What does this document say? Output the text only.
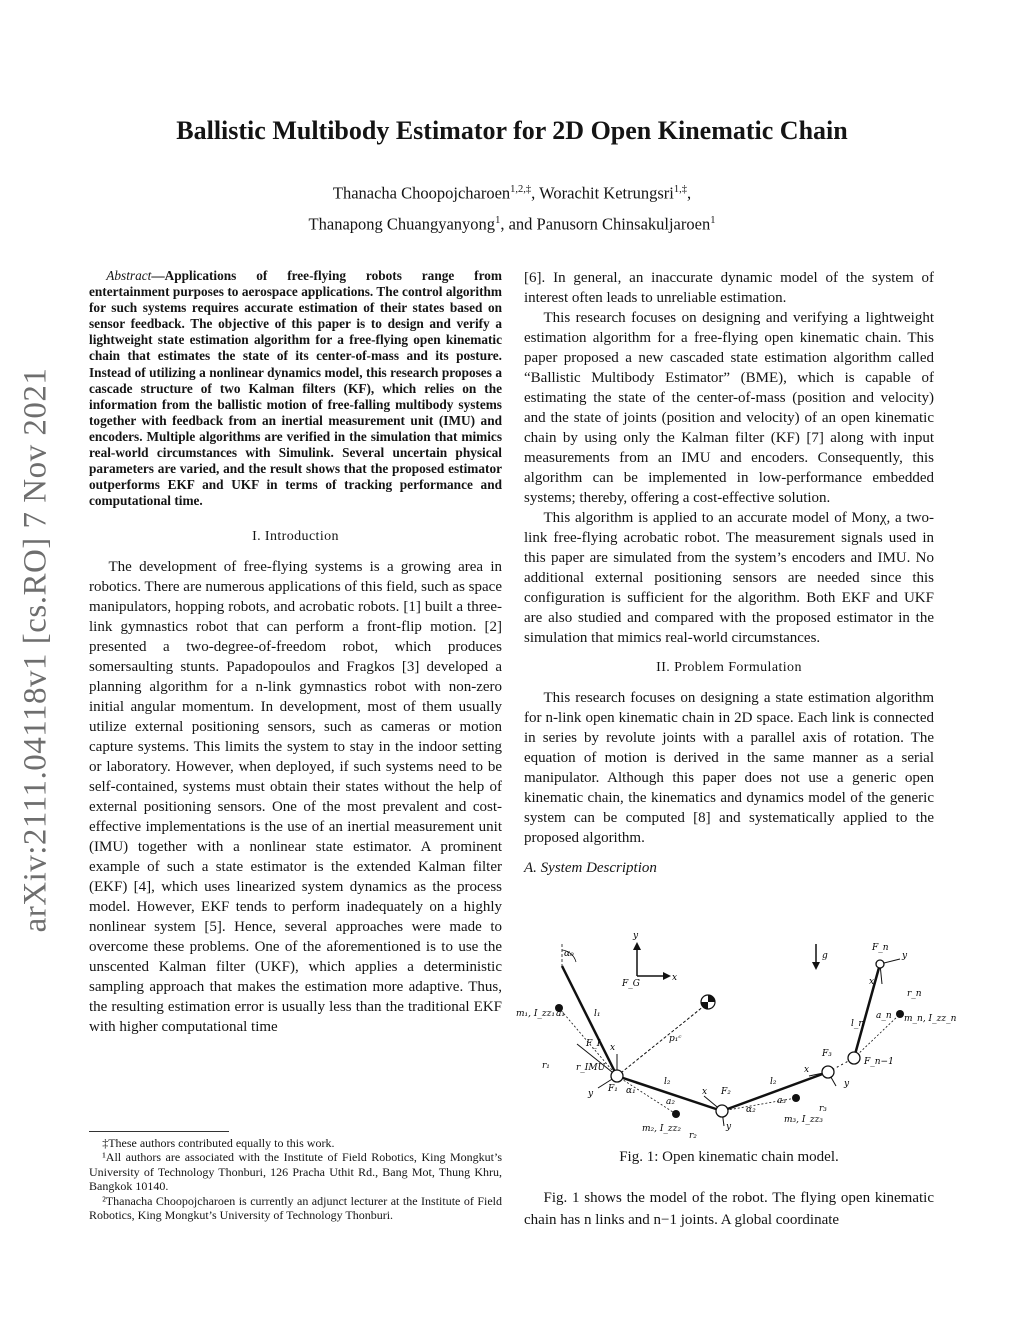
arXiv:2111.04118v1 [cs.RO] 7 Nov 2021
Ballistic Multibody Estimator for 2D Open Kinematic Chain
Thanacha Choopojcharoen$^{1,2,\ddagger}$, Worachit Ketrungsri$^{1,\ddagger}$,
Thanapong Chuangyanyong$^1$, and Panusorn Chinsakuljaroen$^1$

Abstract—Applications of free-flying robots range from entertainment purposes to aerospace applications. The control algorithm for such systems requires accurate estimation of their states based on sensor feedback. The objective of this paper is to design and verify a lightweight state estimation algorithm for a free-flying open kinematic chain that estimates the state of its center-of-mass and its posture. Instead of utilizing a nonlinear dynamics model, this research proposes a cascade structure of two Kalman filters (KF), which relies on the information from the ballistic motion of free-falling multibody systems together with feedback from an inertial measurement unit (IMU) and encoders. Multiple algorithms are verified in the simulation that mimics real-world circumstances with Simulink. Several uncertain physical parameters are varied, and the result shows that the proposed estimator outperforms EKF and UKF in terms of tracking performance and computational time.

I. Introduction

The development of free-flying systems is a growing area in robotics. There are numerous applications of this field, such as space manipulators, hopping robots, and acrobatic robots. [1] built a three-link gymnastics robot that can perform a front-flip motion. [2] presented a two-degree-of-freedom robot, which produces somersaulting stunts. Papadopoulos and Fragkos [3] developed a planning algorithm for a n-link gymnastics robot with non-zero initial angular momentum. In development, most of them usually utilize external positioning sensors, such as cameras or motion capture systems. This limits the system to stay in the indoor setting or laboratory. However, when deployed, if such systems need to be self-contained, systems must obtain their states without the help of external positioning sensors. One of the most prevalent and cost-effective implementations is the use of an inertial measurement unit (IMU) together with a nonlinear state estimator. A prominent example of such a state estimator is the extended Kalman filter (EKF) [4], which uses linearized system dynamics as the process model. However, EKF tends to perform inadequately on a highly nonlinear system [5]. Hence, several approaches were made to overcome these problems. One of the aforementioned is to use the unscented Kalman filter (UKF), which applies a deterministic sampling approach that makes the estimation more adaptive. Thus, the resulting estimation error is usually less than the traditional EKF with higher computational time

[6]. In general, an inaccurate dynamic model of the system of interest often leads to unreliable estimation.

This research focuses on designing and verifying a lightweight estimation algorithm for a free-flying open kinematic chain. This paper proposed a new cascaded state estimation algorithm called “Ballistic Multibody Estimator” (BME), which is capable of estimating the state of the center-of-mass (position and velocity) and the state of joints (position and velocity) of an open kinematic chain by using only the Kalman filter (KF) [7] along with input measurements from an IMU and encoders. Consequently, this algorithm can be implemented in low-performance embedded systems; thereby, offering a cost-effective solution.

This algorithm is applied to an accurate model of Monχ, a two-link free-flying acrobatic robot. The measurement signals used in this paper are simulated from the system’s encoders and IMU. No additional external positioning sensors are needed since this configuration is sufficient for the algorithm. Both EKF and UKF are also studied and compared with the proposed estimator in the simulation that mimics real-world circumstances.

II. Problem Formulation

This research focuses on designing a state estimation algorithm for n-link open kinematic chain in 2D space. Each link is connected in series by revolute joints with a parallel axis of rotation. The equation of motion is derived in the same manner as a serial manipulator. Although this paper does not use a generic open kinematic chain, the kinematics and dynamics model of the generic system can be computed [8] and systematically applied to the proposed algorithm.

A. System Description

α₀
y
x
F_G
g
m₁, I_zz₁ a₁	l₁
F_I
r_IMU
r₁
x
y F₁ α₁
p₁ᶜ
l₂
a₂
m₂, I_zz₂
r₂
x F₂
y
α₂
l₂
a₃
m₃, I_zz₃
r₃
x
F₃
y
F_n−1
l_n
a_n m_n, I_zz_n
r_n
x
F_n
y
Fig. 1: Open kinematic chain model.

Fig. 1 shows the model of the robot. The flying open kinematic chain has n links and n−1 joints. A global coordinate

‡These authors contributed equally to this work.

¹All authors are associated with the Institute of Field Robotics, King Mongkut’s University of Technology Thonburi, 126 Pracha Uthit Rd., Bang Mot, Thung Khru, Bangkok 10140.

²Thanacha Choopojcharoen is currently an adjunct lecturer at the Institute of Field Robotics, King Mongkut’s University of Technology Thonburi.
